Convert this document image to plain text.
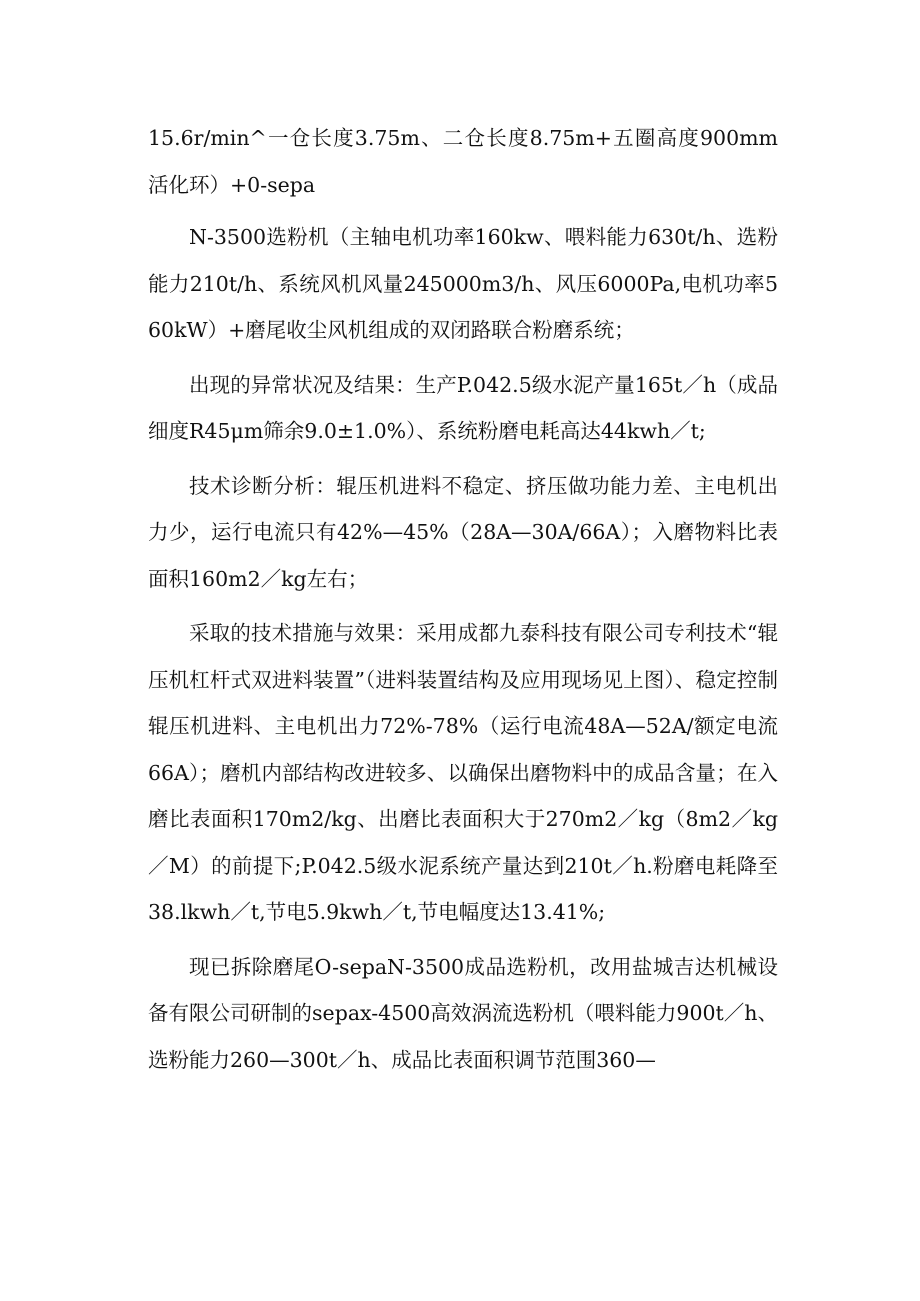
15.6r/min^一仓长度3.75m、二仓长度8.75m+五圈高度900mm活化环）+0-sepa

N-3500选粉机（主轴电机功率160kw、喂料能力630t/h、选粉能力210t/h、系统风机风量245000m3/h、风压6000Pa,电机功率560kW）+磨尾收尘风机组成的双闭路联合粉磨系统；

出现的异常状况及结果：生产P.042.5级水泥产量165t／h（成品细度R45μm筛余9.0±1.0%）、系统粉磨电耗高达44kwh／t;

技术诊断分析：辊压机进料不稳定、挤压做功能力差、主电机出力少，运行电流只有42%—45%（28A—30A/66A）；入磨物料比表面积160m2／kg左右；

采取的技术措施与效果：采用成都九泰科技有限公司专利技术“辊压机杠杆式双进料装置”（进料装置结构及应用现场见上图）、稳定控制辊压机进料、主电机出力72%-78%（运行电流48A—52A/额定电流66A）；磨机内部结构改进较多、以确保出磨物料中的成品含量；在入磨比表面积170m2/kg、出磨比表面积大于270m2／kg（8m2／kg／M）的前提下;P.042.5级水泥系统产量达到210t／h.粉磨电耗降至38.lkwh／t,节电5.9kwh／t,节电幅度达13.41%;

现已拆除磨尾O-sepaN-3500成品选粉机，改用盐城吉达机械设备有限公司研制的sepax-4500高效涡流选粉机（喂料能力900t／h、选粉能力260—300t／h、成品比表面积调节范围360—
